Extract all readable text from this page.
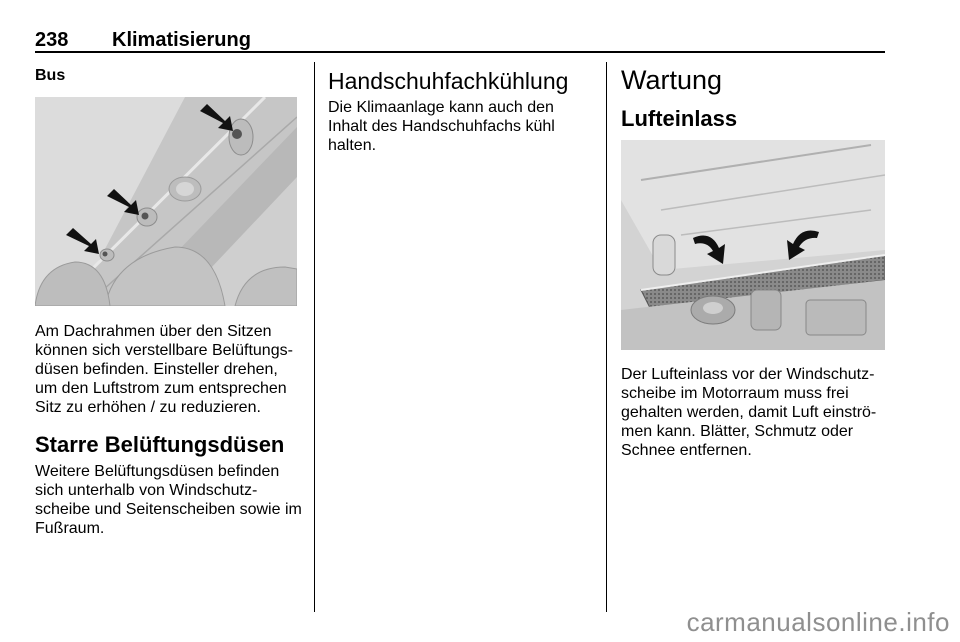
238 Klimatisierung
Bus
Am Dachrahmen über den Sitzen
können sich verstellbare Belüftungs-
düsen befinden. Einsteller drehen,
um den Luftstrom zum entsprechen
Sitz zu erhöhen / zu reduzieren.
Starre Belüftungsdüsen
Weitere Belüftungsdüsen befinden
sich unterhalb von Windschutz-
scheibe und Seitenscheiben sowie im
Fußraum.
Handschuhfachkühlung
Die Klimaanlage kann auch den
Inhalt des Handschuhfachs kühl
halten.
Wartung
Lufteinlass
Der Lufteinlass vor der Windschutz-
scheibe im Motorraum muss frei
gehalten werden, damit Luft einströ-
men kann. Blätter, Schmutz oder
Schnee entfernen.
carmanualsonline.info
